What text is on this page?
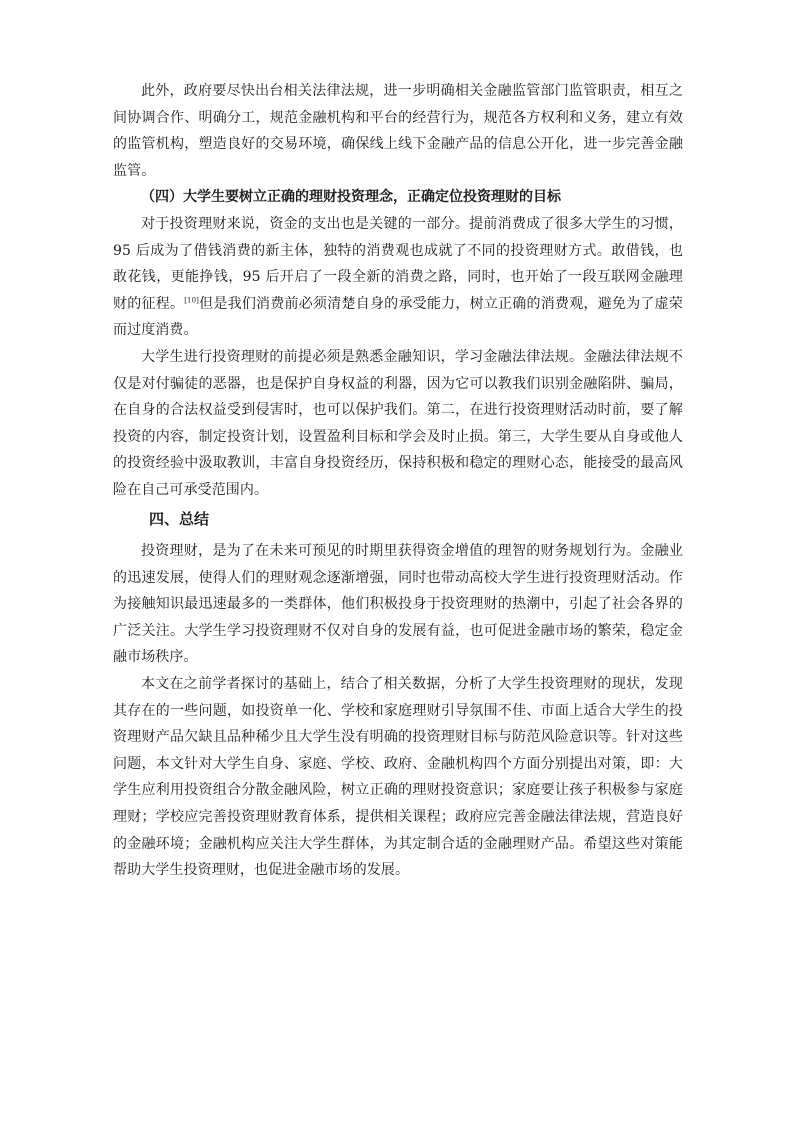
此外，政府要尽快出台相关法律法规，进一步明确相关金融监管部门监管职责，相互之间协调合作、明确分工，规范金融机构和平台的经营行为，规范各方权利和义务，建立有效的监管机构，塑造良好的交易环境，确保线上线下金融产品的信息公开化，进一步完善金融监管。

（四）大学生要树立正确的理财投资理念，正确定位投资理财的目标

对于投资理财来说，资金的支出也是关键的一部分。提前消费成了很多大学生的习惯，95 后成为了借钱消费的新主体，独特的消费观也成就了不同的投资理财方式。敢借钱，也敢花钱，更能挣钱，95 后开启了一段全新的消费之路，同时，也开始了一段互联网金融理财的征程。[10]但是我们消费前必须清楚自身的承受能力，树立正确的消费观，避免为了虚荣而过度消费。

大学生进行投资理财的前提必须是熟悉金融知识，学习金融法律法规。金融法律法规不仅是对付骗徒的恶器，也是保护自身权益的利器，因为它可以教我们识别金融陷阱、骗局，在自身的合法权益受到侵害时，也可以保护我们。第二，在进行投资理财活动时前，要了解投资的内容，制定投资计划，设置盈利目标和学会及时止损。第三，大学生要从自身或他人的投资经验中汲取教训，丰富自身投资经历，保持积极和稳定的理财心态，能接受的最高风险在自己可承受范围内。

四、总结

投资理财，是为了在未来可预见的时期里获得资金增值的理智的财务规划行为。金融业的迅速发展，使得人们的理财观念逐渐增强，同时也带动高校大学生进行投资理财活动。作为接触知识最迅速最多的一类群体，他们积极投身于投资理财的热潮中，引起了社会各界的广泛关注。大学生学习投资理财不仅对自身的发展有益，也可促进金融市场的繁荣，稳定金融市场秩序。

本文在之前学者探讨的基础上，结合了相关数据，分析了大学生投资理财的现状，发现其存在的一些问题，如投资单一化、学校和家庭理财引导氛围不佳、市面上适合大学生的投资理财产品欠缺且品种稀少且大学生没有明确的投资理财目标与防范风险意识等。针对这些问题，本文针对大学生自身、家庭、学校、政府、金融机构四个方面分别提出对策，即：大学生应利用投资组合分散金融风险，树立正确的理财投资意识；家庭要让孩子积极参与家庭理财；学校应完善投资理财教育体系，提供相关课程；政府应完善金融法律法规，营造良好的金融环境；金融机构应关注大学生群体，为其定制合适的金融理财产品。希望这些对策能帮助大学生投资理财，也促进金融市场的发展。
